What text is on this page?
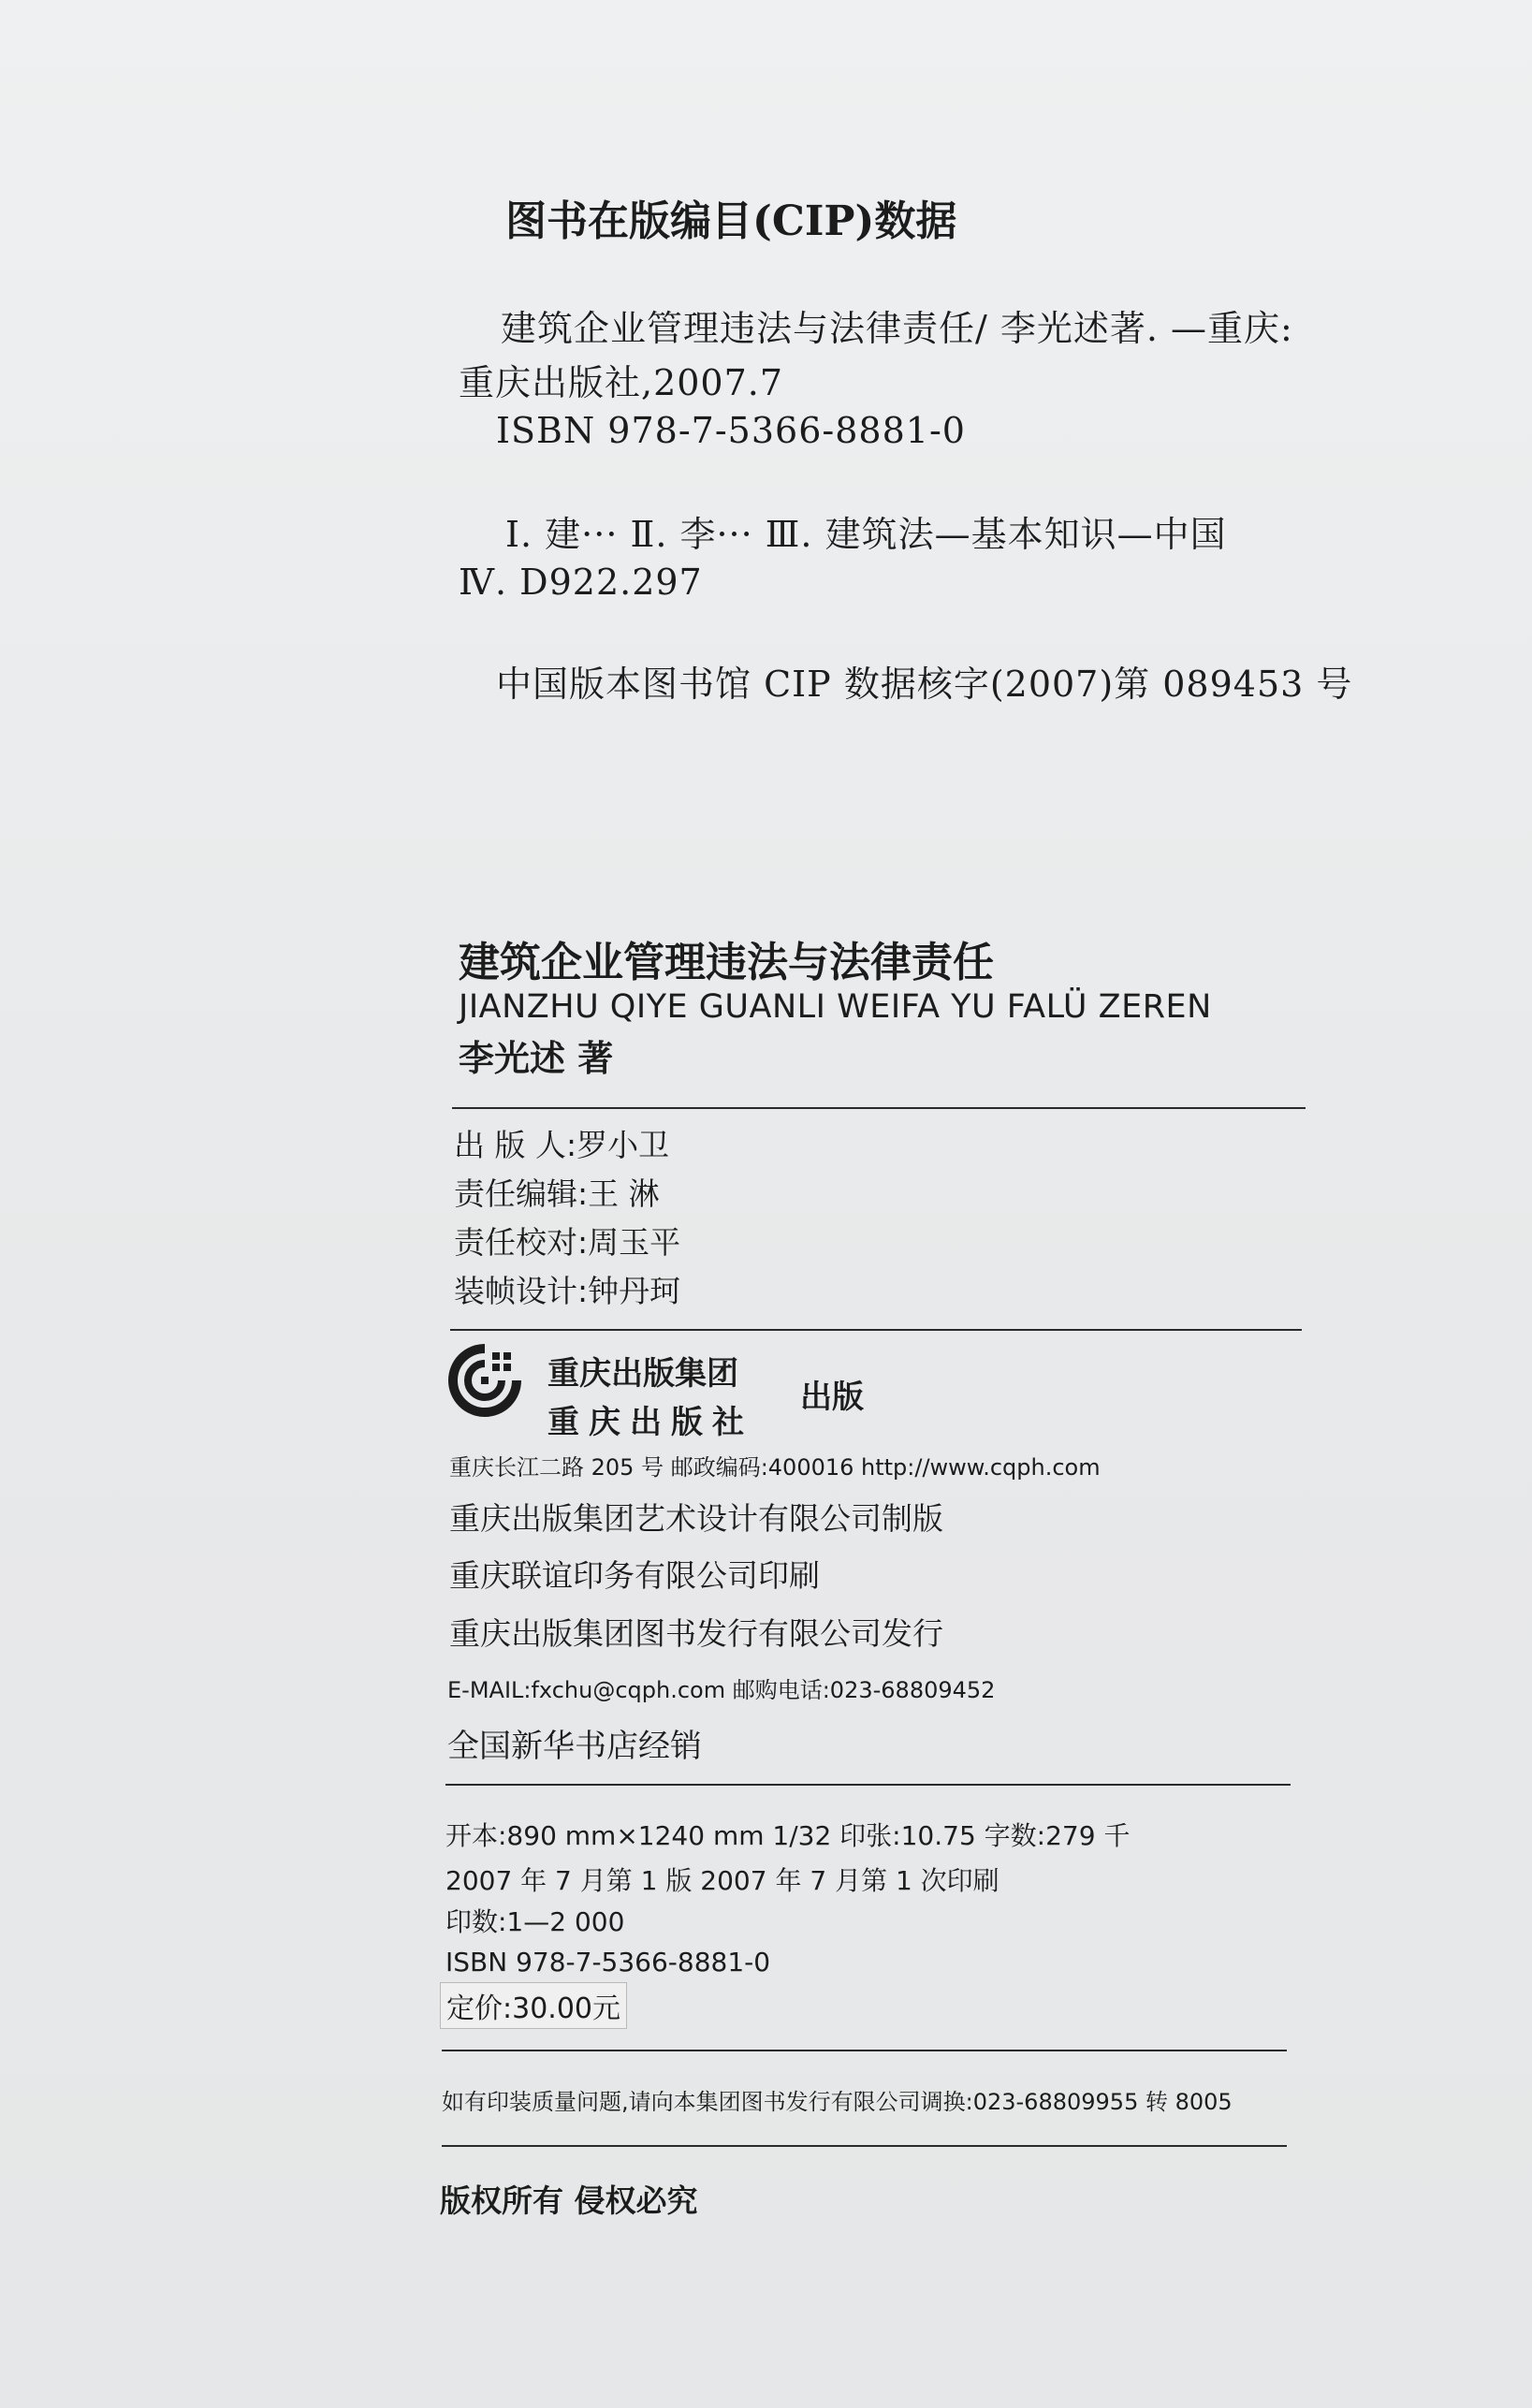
图书在版编目(CIP)数据
建筑企业管理违法与法律责任/ 李光述著. —重庆:
重庆出版社,2007.7
ISBN 978-7-5366-8881-0
Ⅰ. 建··· Ⅱ. 李··· Ⅲ. 建筑法—基本知识—中国
Ⅳ. D922.297
中国版本图书馆 CIP 数据核字(2007)第 089453 号
建筑企业管理违法与法律责任
JIANZHU QIYE GUANLI WEIFA YU FALÜ ZEREN
李光述 著
出 版 人:罗小卫
责任编辑:王 淋
责任校对:周玉平
装帧设计:钟丹珂
重庆出版集团
重庆出版社
出版
重庆长江二路 205 号 邮政编码:400016 http://www.cqph.com
重庆出版集团艺术设计有限公司制版
重庆联谊印务有限公司印刷
重庆出版集团图书发行有限公司发行
E-MAIL:fxchu@cqph.com 邮购电话:023-68809452
全国新华书店经销
开本:890 mm×1240 mm 1/32 印张:10.75 字数:279 千
2007 年 7 月第 1 版 2007 年 7 月第 1 次印刷
印数:1—2 000
ISBN 978-7-5366-8881-0
定价:30.00元
如有印装质量问题,请向本集团图书发行有限公司调换:023-68809955 转 8005
版权所有 侵权必究
